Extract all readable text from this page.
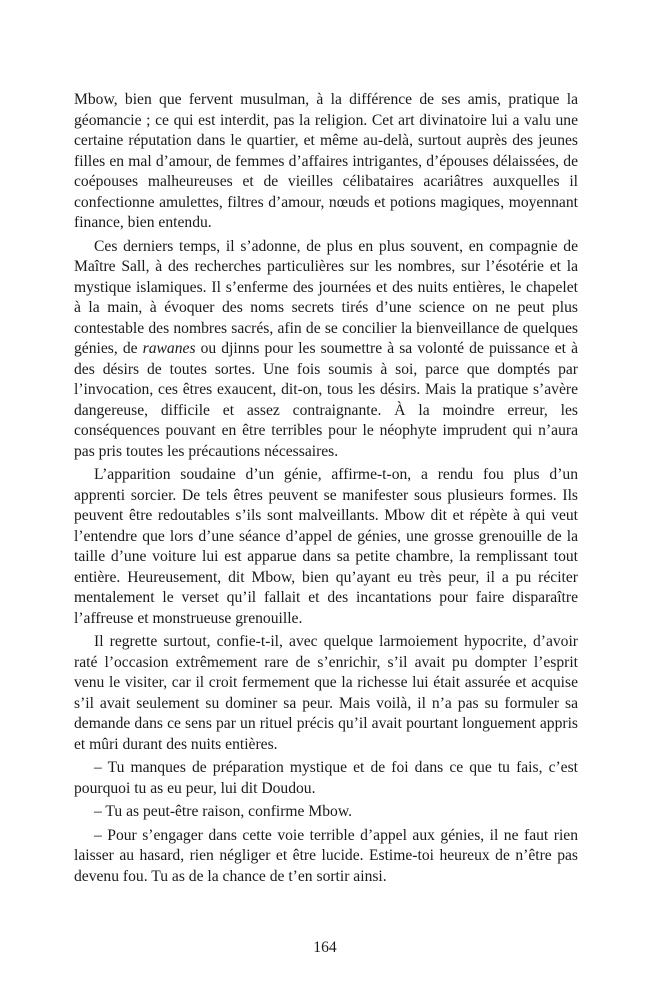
Mbow, bien que fervent musulman, à la différence de ses amis, pratique la géomancie ; ce qui est interdit, pas la religion. Cet art divinatoire lui a valu une certaine réputation dans le quartier, et même au-delà, surtout auprès des jeunes filles en mal d’amour, de femmes d’affaires intrigantes, d’épouses délaissées, de coépouses malheureuses et de vieilles célibataires acariâtres auxquelles il confectionne amulettes, filtres d’amour, nœuds et potions magiques, moyennant finance, bien entendu.

Ces derniers temps, il s’adonne, de plus en plus souvent, en compagnie de Maître Sall, à des recherches particulières sur les nombres, sur l’ésotérie et la mystique islamiques. Il s’enferme des journées et des nuits entières, le chapelet à la main, à évoquer des noms secrets tirés d’une science on ne peut plus contestable des nombres sacrés, afin de se concilier la bienveillance de quelques génies, de rawanes ou djinns pour les soumettre à sa volonté de puissance et à des désirs de toutes sortes. Une fois soumis à soi, parce que domptés par l’invocation, ces êtres exaucent, dit-on, tous les désirs. Mais la pratique s’avère dangereuse, difficile et assez contraignante. À la moindre erreur, les conséquences pouvant en être terribles pour le néophyte imprudent qui n’aura pas pris toutes les précautions nécessaires.

L’apparition soudaine d’un génie, affirme-t-on, a rendu fou plus d’un apprenti sorcier. De tels êtres peuvent se manifester sous plusieurs formes. Ils peuvent être redoutables s’ils sont malveillants. Mbow dit et répète à qui veut l’entendre que lors d’une séance d’appel de génies, une grosse grenouille de la taille d’une voiture lui est apparue dans sa petite chambre, la remplissant tout entière. Heureusement, dit Mbow, bien qu’ayant eu très peur, il a pu réciter mentalement le verset qu’il fallait et des incantations pour faire disparaître l’affreuse et monstrueuse grenouille.

Il regrette surtout, confie-t-il, avec quelque larmoiement hypocrite, d’avoir raté l’occasion extrêmement rare de s’enrichir, s’il avait pu dompter l’esprit venu le visiter, car il croit fermement que la richesse lui était assurée et acquise s’il avait seulement su dominer sa peur. Mais voilà, il n’a pas su formuler sa demande dans ce sens par un rituel précis qu’il avait pourtant longuement appris et mûri durant des nuits entières.

– Tu manques de préparation mystique et de foi dans ce que tu fais, c’est pourquoi tu as eu peur, lui dit Doudou.

– Tu as peut-être raison, confirme Mbow.

– Pour s’engager dans cette voie terrible d’appel aux génies, il ne faut rien laisser au hasard, rien négliger et être lucide. Estime-toi heureux de n’être pas devenu fou. Tu as de la chance de t’en sortir ainsi.

164
